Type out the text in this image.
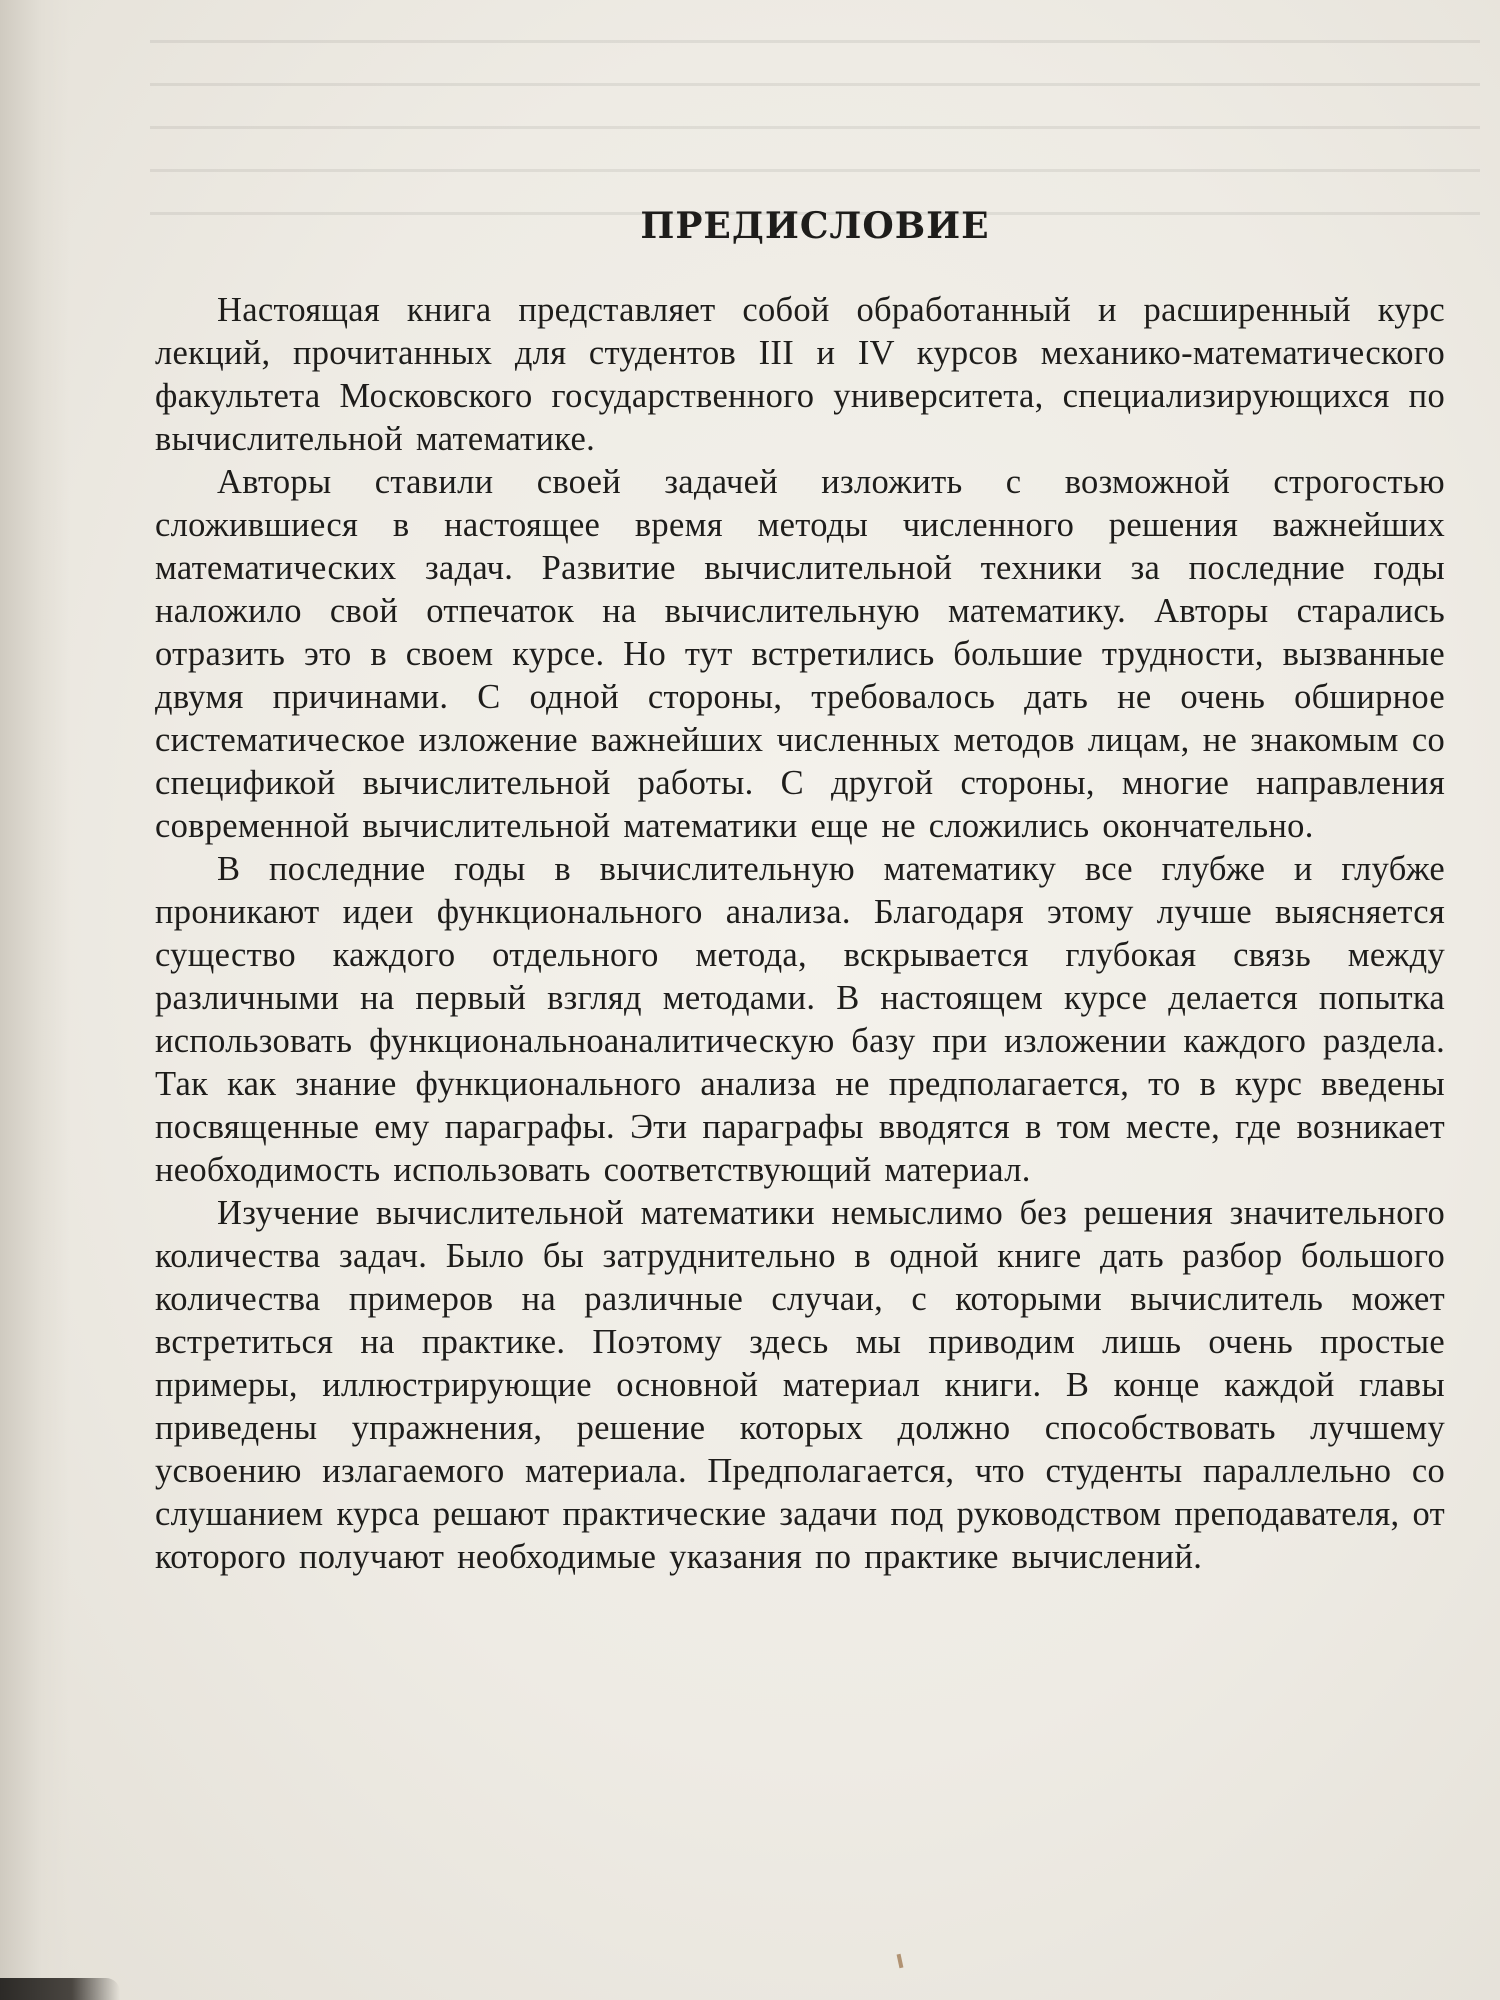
ПРЕДИСЛОВИЕ

Настоящая книга представляет собой обработанный и расширенный курс лекций, прочитанных для студентов III и IV курсов механико-математического факультета Московского государственного университета, специализирующихся по вычислительной математике.

Авторы ставили своей задачей изложить с возможной строгостью сложившиеся в настоящее время методы численного решения важнейших математических задач. Развитие вычислительной техники за последние годы наложило свой отпечаток на вычислительную математику. Авторы старались отразить это в своем курсе. Но тут встретились большие трудности, вызванные двумя причинами. С одной стороны, требовалось дать не очень обширное систематическое изложение важнейших численных методов лицам, не знакомым со спецификой вычислительной работы. С другой стороны, многие направления современной вычислительной математики еще не сложились окончательно.

В последние годы в вычислительную математику все глубже и глубже проникают идеи функционального анализа. Благодаря этому лучше выясняется существо каждого отдельного метода, вскрывается глубокая связь между различными на первый взгляд методами. В настоящем курсе делается попытка использовать функциональноаналитическую базу при изложении каждого раздела. Так как знание функционального анализа не предполагается, то в курс введены посвященные ему параграфы. Эти параграфы вводятся в том месте, где возникает необходимость использовать соответствующий материал.

Изучение вычислительной математики немыслимо без решения значительного количества задач. Было бы затруднительно в одной книге дать разбор большого количества примеров на различные случаи, с которыми вычислитель может встретиться на практике. Поэтому здесь мы приводим лишь очень простые примеры, иллюстрирующие основной материал книги. В конце каждой главы приведены упражнения, решение которых должно способствовать лучшему усвоению излагаемого материала. Предполагается, что студенты параллельно со слушанием курса решают практические задачи под руководством преподавателя, от которого получают необходимые указания по практике вычислений.
